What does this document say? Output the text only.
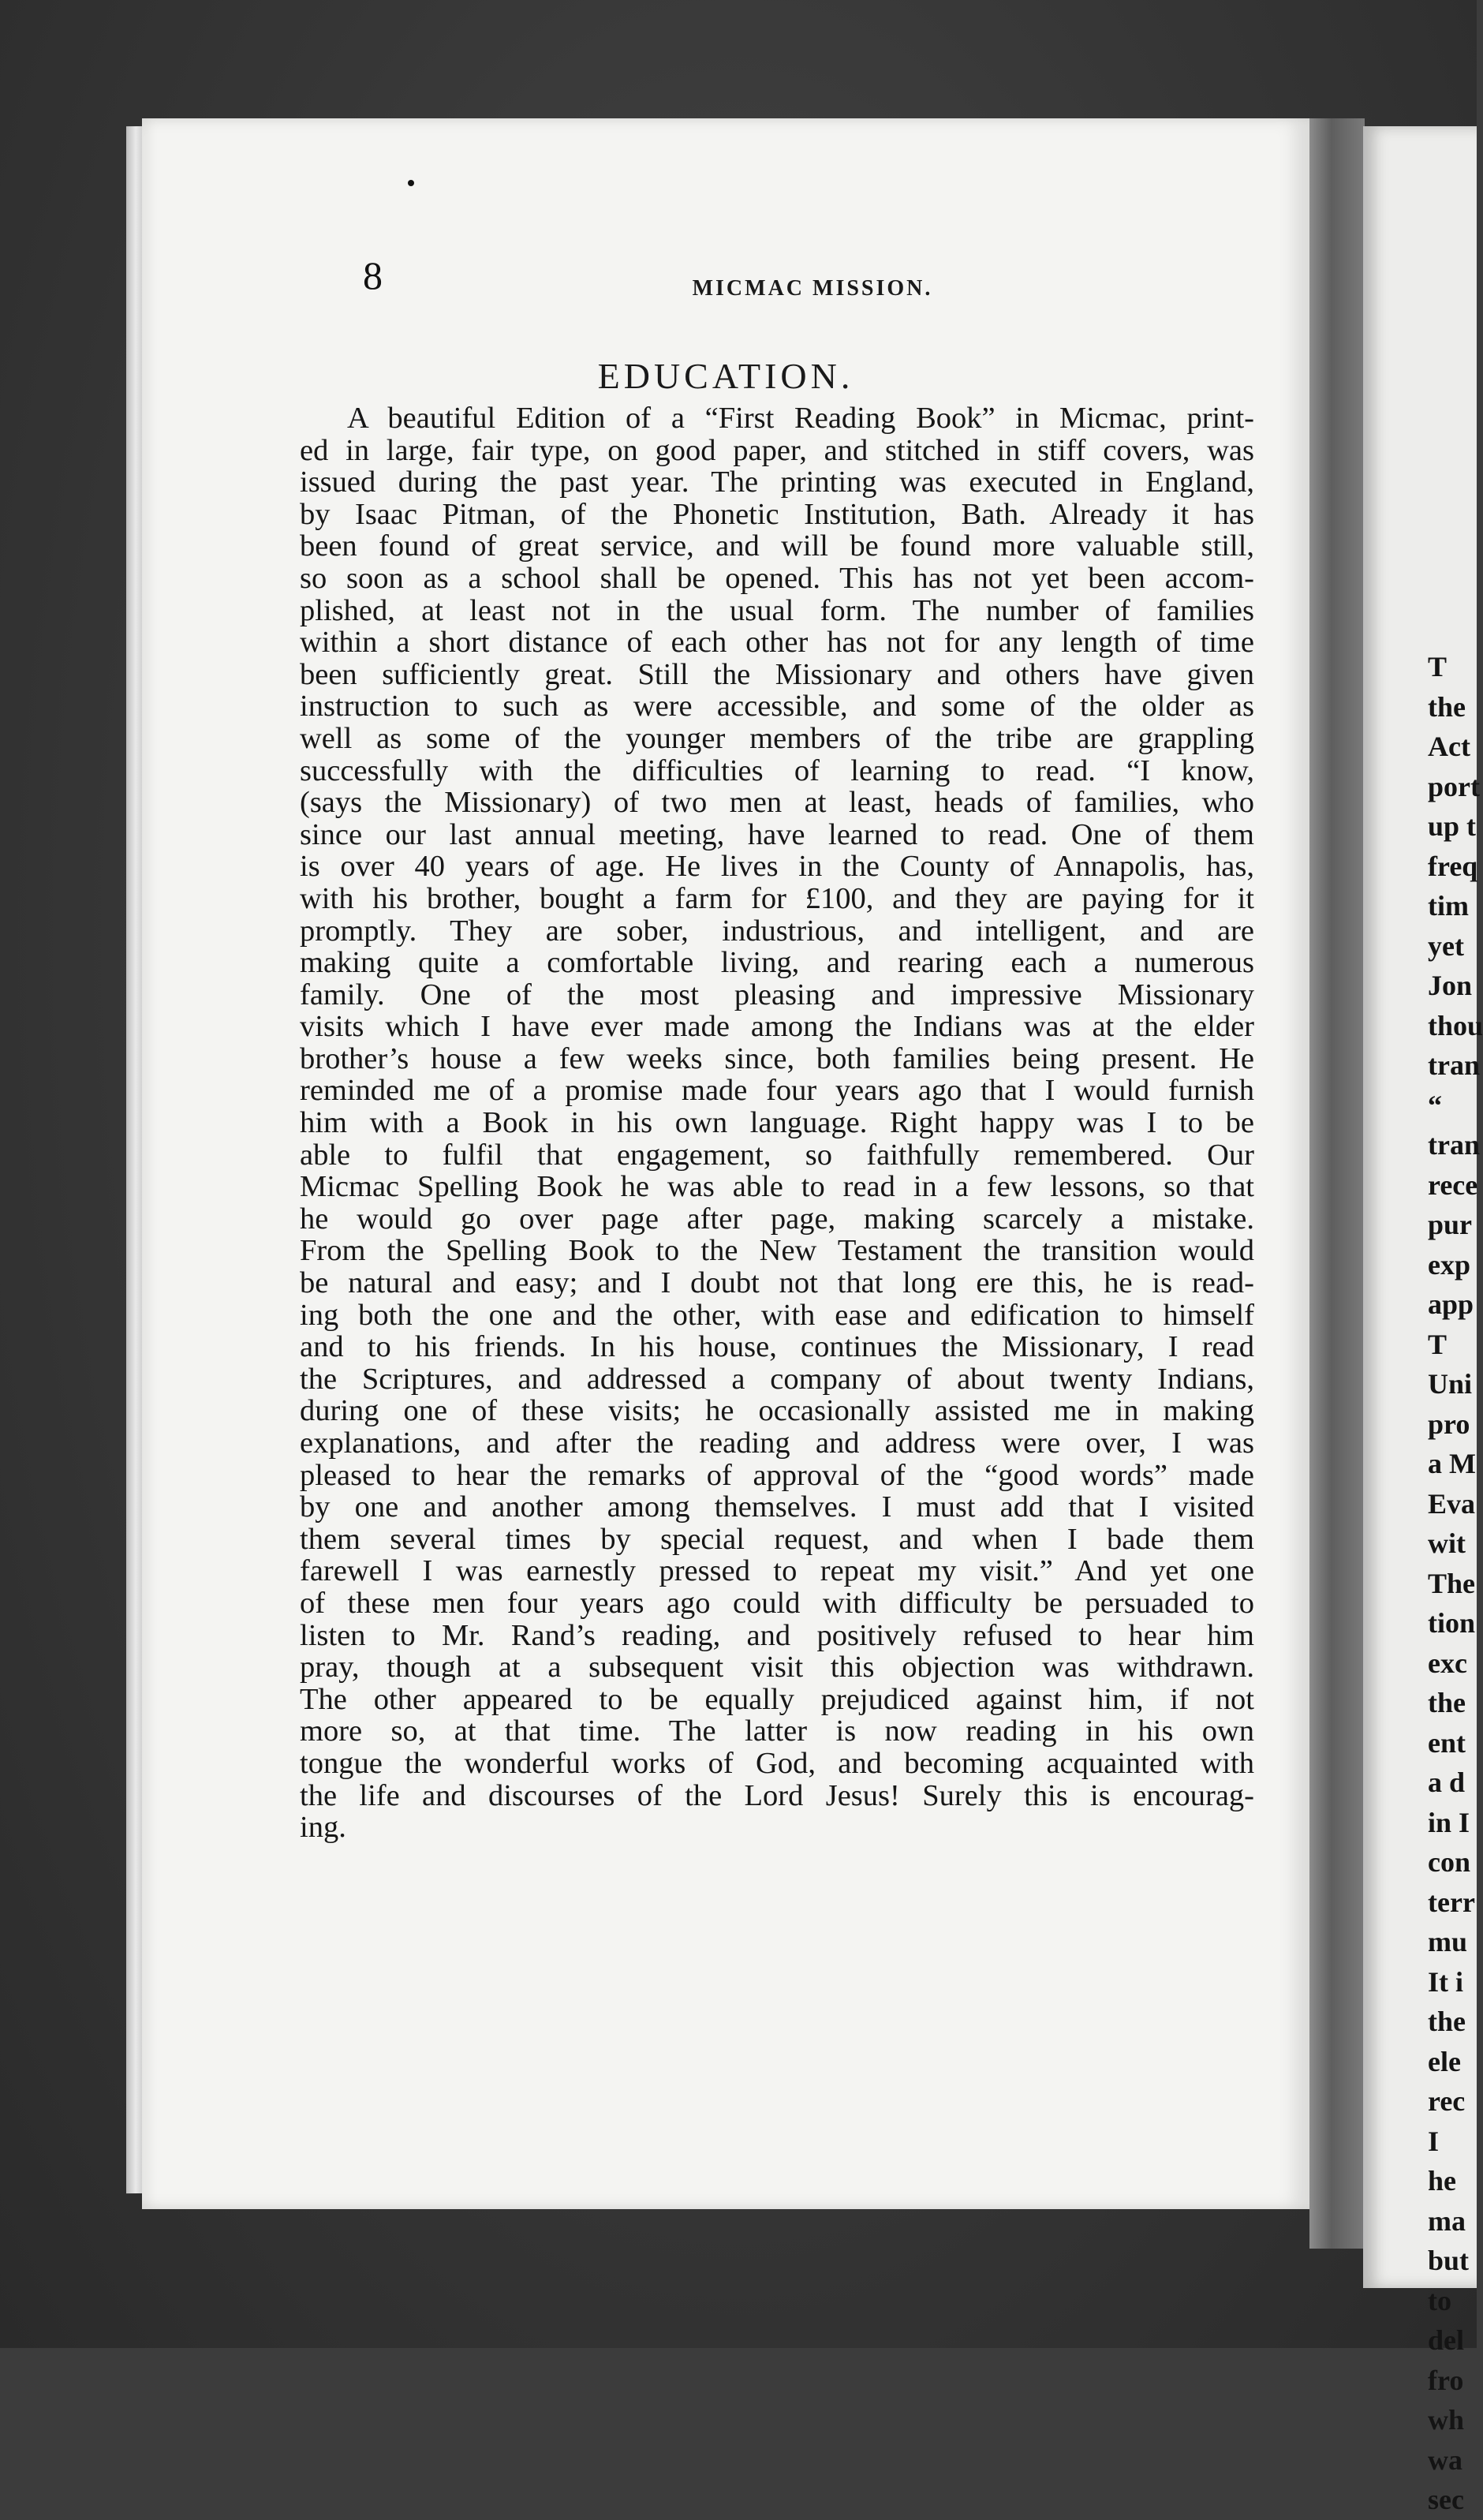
8	MICMAC MISSION.
EDUCATION.
A beautiful Edition of a “First Reading Book” in Micmac, print-
ed in large, fair type, on good paper, and stitched in stiff covers, was
issued during the past year. The printing was executed in England,
by Isaac Pitman, of the Phonetic Institution, Bath. Already it has
been found of great service, and will be found more valuable still,
so soon as a school shall be opened. This has not yet been accom-
plished, at least not in the usual form. The number of families
within a short distance of each other has not for any length of time
been sufficiently great. Still the Missionary and others have given
instruction to such as were accessible, and some of the older as
well as some of the younger members of the tribe are grappling
successfully with the difficulties of learning to read. “I know,
(says the Missionary) of two men at least, heads of families, who
since our last annual meeting, have learned to read. One of them
is over 40 years of age. He lives in the County of Annapolis, has,
with his brother, bought a farm for £100, and they are paying for it
promptly. They are sober, industrious, and intelligent, and are
making quite a comfortable living, and rearing each a numerous
family. One of the most pleasing and impressive Missionary
visits which I have ever made among the Indians was at the elder
brother’s house a few weeks since, both families being present. He
reminded me of a promise made four years ago that I would furnish
him with a Book in his own language. Right happy was I to be
able to fulfil that engagement, so faithfully remembered. Our
Micmac Spelling Book he was able to read in a few lessons, so that
he would go over page after page, making scarcely a mistake.
From the Spelling Book to the New Testament the transition would
be natural and easy; and I doubt not that long ere this, he is read-
ing both the one and the other, with ease and edification to himself
and to his friends. In his house, continues the Missionary, I read
the Scriptures, and addressed a company of about twenty Indians,
during one of these visits; he occasionally assisted me in making
explanations, and after the reading and address were over, I was
pleased to hear the remarks of approval of the “good words” made
by one and another among themselves. I must add that I visited
them several times by special request, and when I bade them
farewell I was earnestly pressed to repeat my visit.” And yet one
of these men four years ago could with difficulty be persuaded to
listen to Mr. Rand’s reading, and positively refused to hear him
pray, though at a subsequent visit this objection was withdrawn.
The other appeared to be equally prejudiced against him, if not
more so, at that time. The latter is now reading in his own
tongue the wonderful works of God, and becoming acquainted with
the life and discourses of the Lord Jesus! Surely this is encourag-
ing.
T
the
Act
port
up t
freq
tim
yet
Jon
thou
tran
“
tran
rece
pur
exp
app
T
Uni
pro
a M
Eva
wit
The
tion
exc
the
ent
a d
in I
con
terr
mu
It i
the
ele
rec
I
he
ma
but
to
del
fro
wh
wa
sec
